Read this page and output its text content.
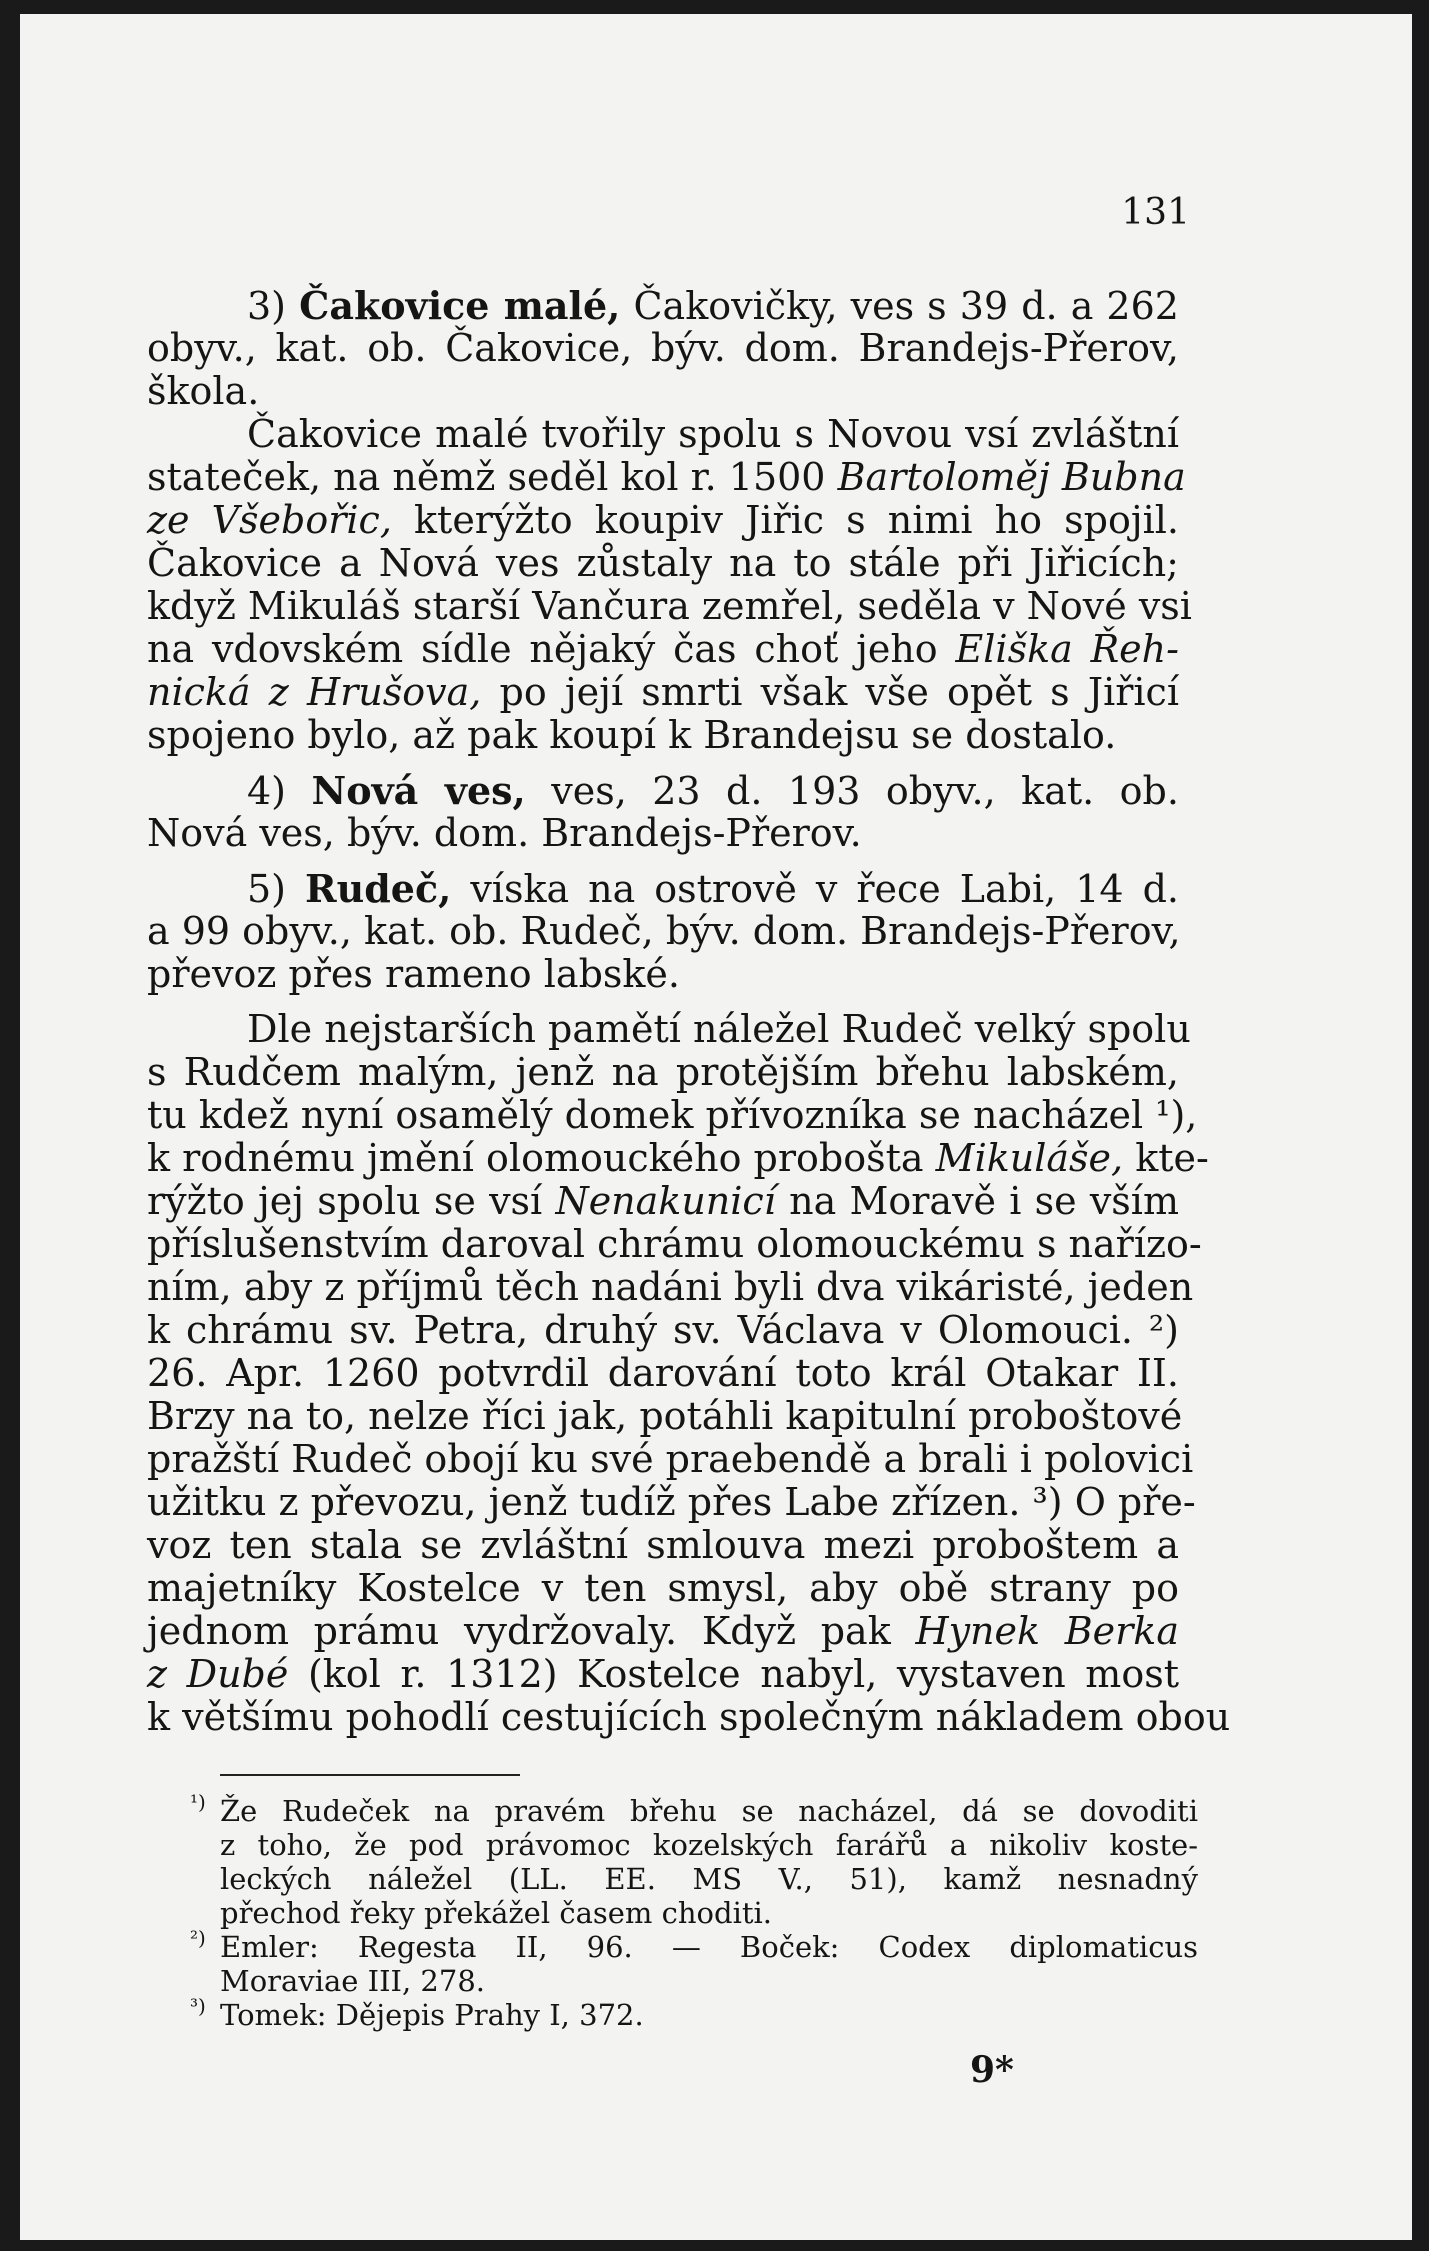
131
3) Čakovice malé, Čakovičky, ves s 39 d. a 262
obyv., kat. ob. Čakovice, býv. dom. Brandejs-Přerov,
škola.
Čakovice malé tvořily spolu s Novou vsí zvláštní
stateček, na němž seděl kol r. 1500 Bartoloměj Bubna
ze Všebořic, kterýžto koupiv Jiřic s nimi ho spojil.
Čakovice a Nová ves zůstaly na to stále při Jiřicích;
když Mikuláš starší Vančura zemřel, seděla v Nové vsi
na vdovském sídle nějaký čas choť jeho Eliška Řeh-
nická z Hrušova, po její smrti však vše opět s Jiřicí
spojeno bylo, až pak koupí k Brandejsu se dostalo.
4) Nová ves, ves, 23 d. 193 obyv., kat. ob.
Nová ves, býv. dom. Brandejs-Přerov.
5) Rudeč, víska na ostrově v řece Labi, 14 d.
a 99 obyv., kat. ob. Rudeč, býv. dom. Brandejs-Přerov,
převoz přes rameno labské.
Dle nejstarších pamětí náležel Rudeč velký spolu
s Rudčem malým, jenž na protějším břehu labském,
tu kdež nyní osamělý domek přívozníka se nacházel ¹),
k rodnému jmění olomouckého probošta Mikuláše, kte-
rýžto jej spolu se vsí Nenakunicí na Moravě i se vším
příslušenstvím daroval chrámu olomouckému s nařízo-
ním, aby z příjmů těch nadáni byli dva vikáristé, jeden
k chrámu sv. Petra, druhý sv. Václava v Olomouci. ²)
26. Apr. 1260 potvrdil darování toto král Otakar II.
Brzy na to, nelze říci jak, potáhli kapitulní proboštové
pražští Rudeč obojí ku své praebendě a brali i polovici
užitku z převozu, jenž tudíž přes Labe zřízen. ³) O pře-
voz ten stala se zvláštní smlouva mezi proboštem a
majetníky Kostelce v ten smysl, aby obě strany po
jednom prámu vydržovaly. Když pak Hynek Berka
z Dubé (kol r. 1312) Kostelce nabyl, vystaven most
k většímu pohodlí cestujících společným nákladem obou
¹) Že Rudeček na pravém břehu se nacházel, dá se dovoditi
z toho, že pod právomoc kozelských farářů a nikoliv koste-
leckých náležel (LL. EE. MS V., 51), kamž nesnadný
přechod řeky překážel časem choditi.
²) Emler: Regesta II, 96. — Boček: Codex diplomaticus
Moraviae III, 278.
³) Tomek: Dějepis Prahy I, 372.
9*
